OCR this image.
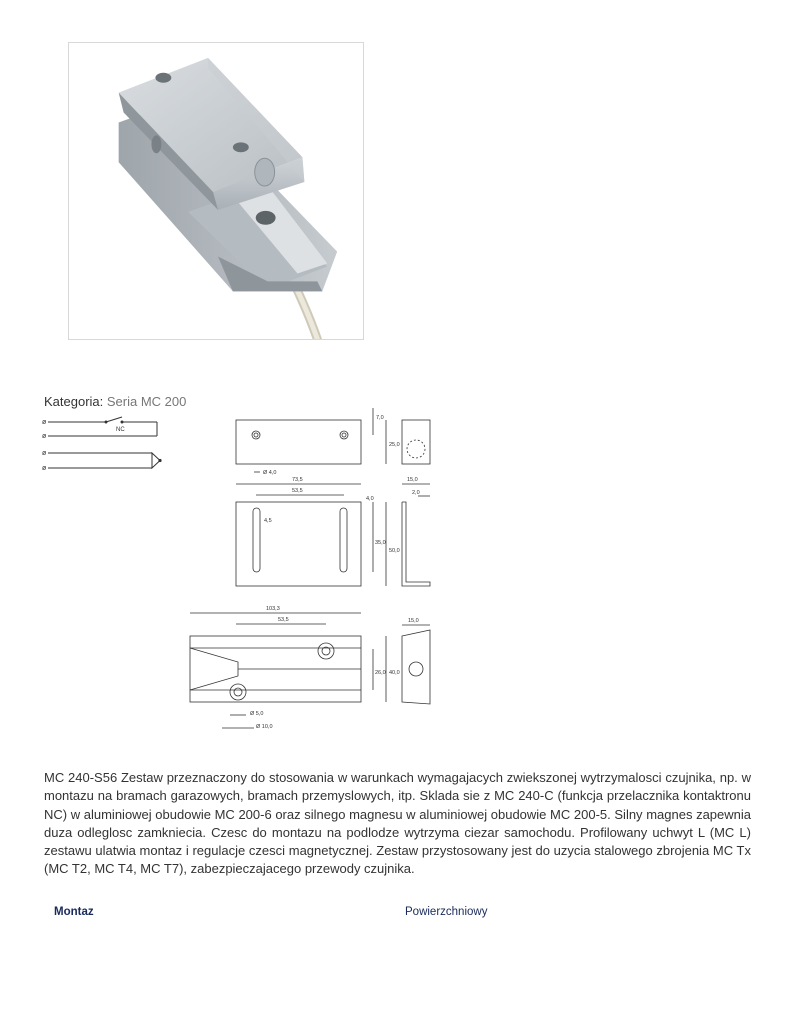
Kategoria: Seria MC 200
NC
ø
ø
ø
ø
7,0
25,0
Ø 4,0
73,5
53,5
15,0
2,0
4,0
4,5
35,0
50,0
103,3
53,5	15,0
26,0 40,0
Ø 5,0
Ø 10,0
MC 240-S56 Zestaw przeznaczony do stosowania w warunkach wymagajacych zwiekszonej wytrzymalosci czujnika, np. w montazu na bramach garazowych, bramach przemyslowych, itp. Sklada sie z MC 240-C (funkcja przelacznika kontaktronu NC) w aluminiowej obudowie MC 200-6 oraz silnego magnesu w aluminiowej obudowie MC 200-5. Silny magnes zapewnia duza odleglosc zamkniecia. Czesc do montazu na podlodze wytrzyma ciezar samochodu. Profilowany uchwyt L (MC L) zestawu ulatwia montaz i regulacje czesci magnetycznej. Zestaw przystosowany jest do uzycia stalowego zbrojenia MC Tx (MC T2, MC T4, MC T7), zabezpieczajacego przewody czujnika.
Montaz	Powierzchniowy
